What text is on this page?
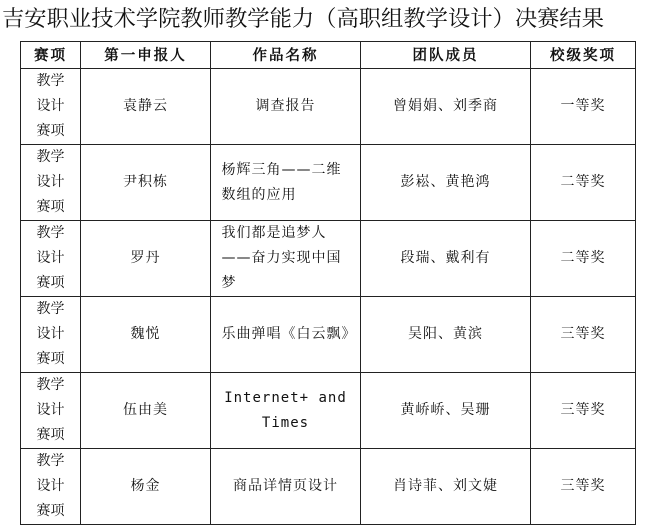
吉安职业技术学院教师教学能力（高职组教学设计）决赛结果
赛项	第一申报人	作品名称	团队成员	校级奖项
教学设计赛项	袁静云	调查报告	曾娟娟、刘季商	一等奖
教学设计赛项	尹积栋	杨辉三角——二维数组的应用	彭崧、黄艳鸿	二等奖
教学设计赛项	罗丹	我们都是追梦人——奋力实现中国梦	段瑞、戴利有	二等奖
教学设计赛项	魏悦	乐曲弹唱《白云飘》	吴阳、黄滨	三等奖
教学设计赛项	伍由美	Internet+ and Times	黄峤峤、吴珊	三等奖
教学设计赛项	杨金	商品详情页设计	肖诗菲、刘文婕	三等奖
